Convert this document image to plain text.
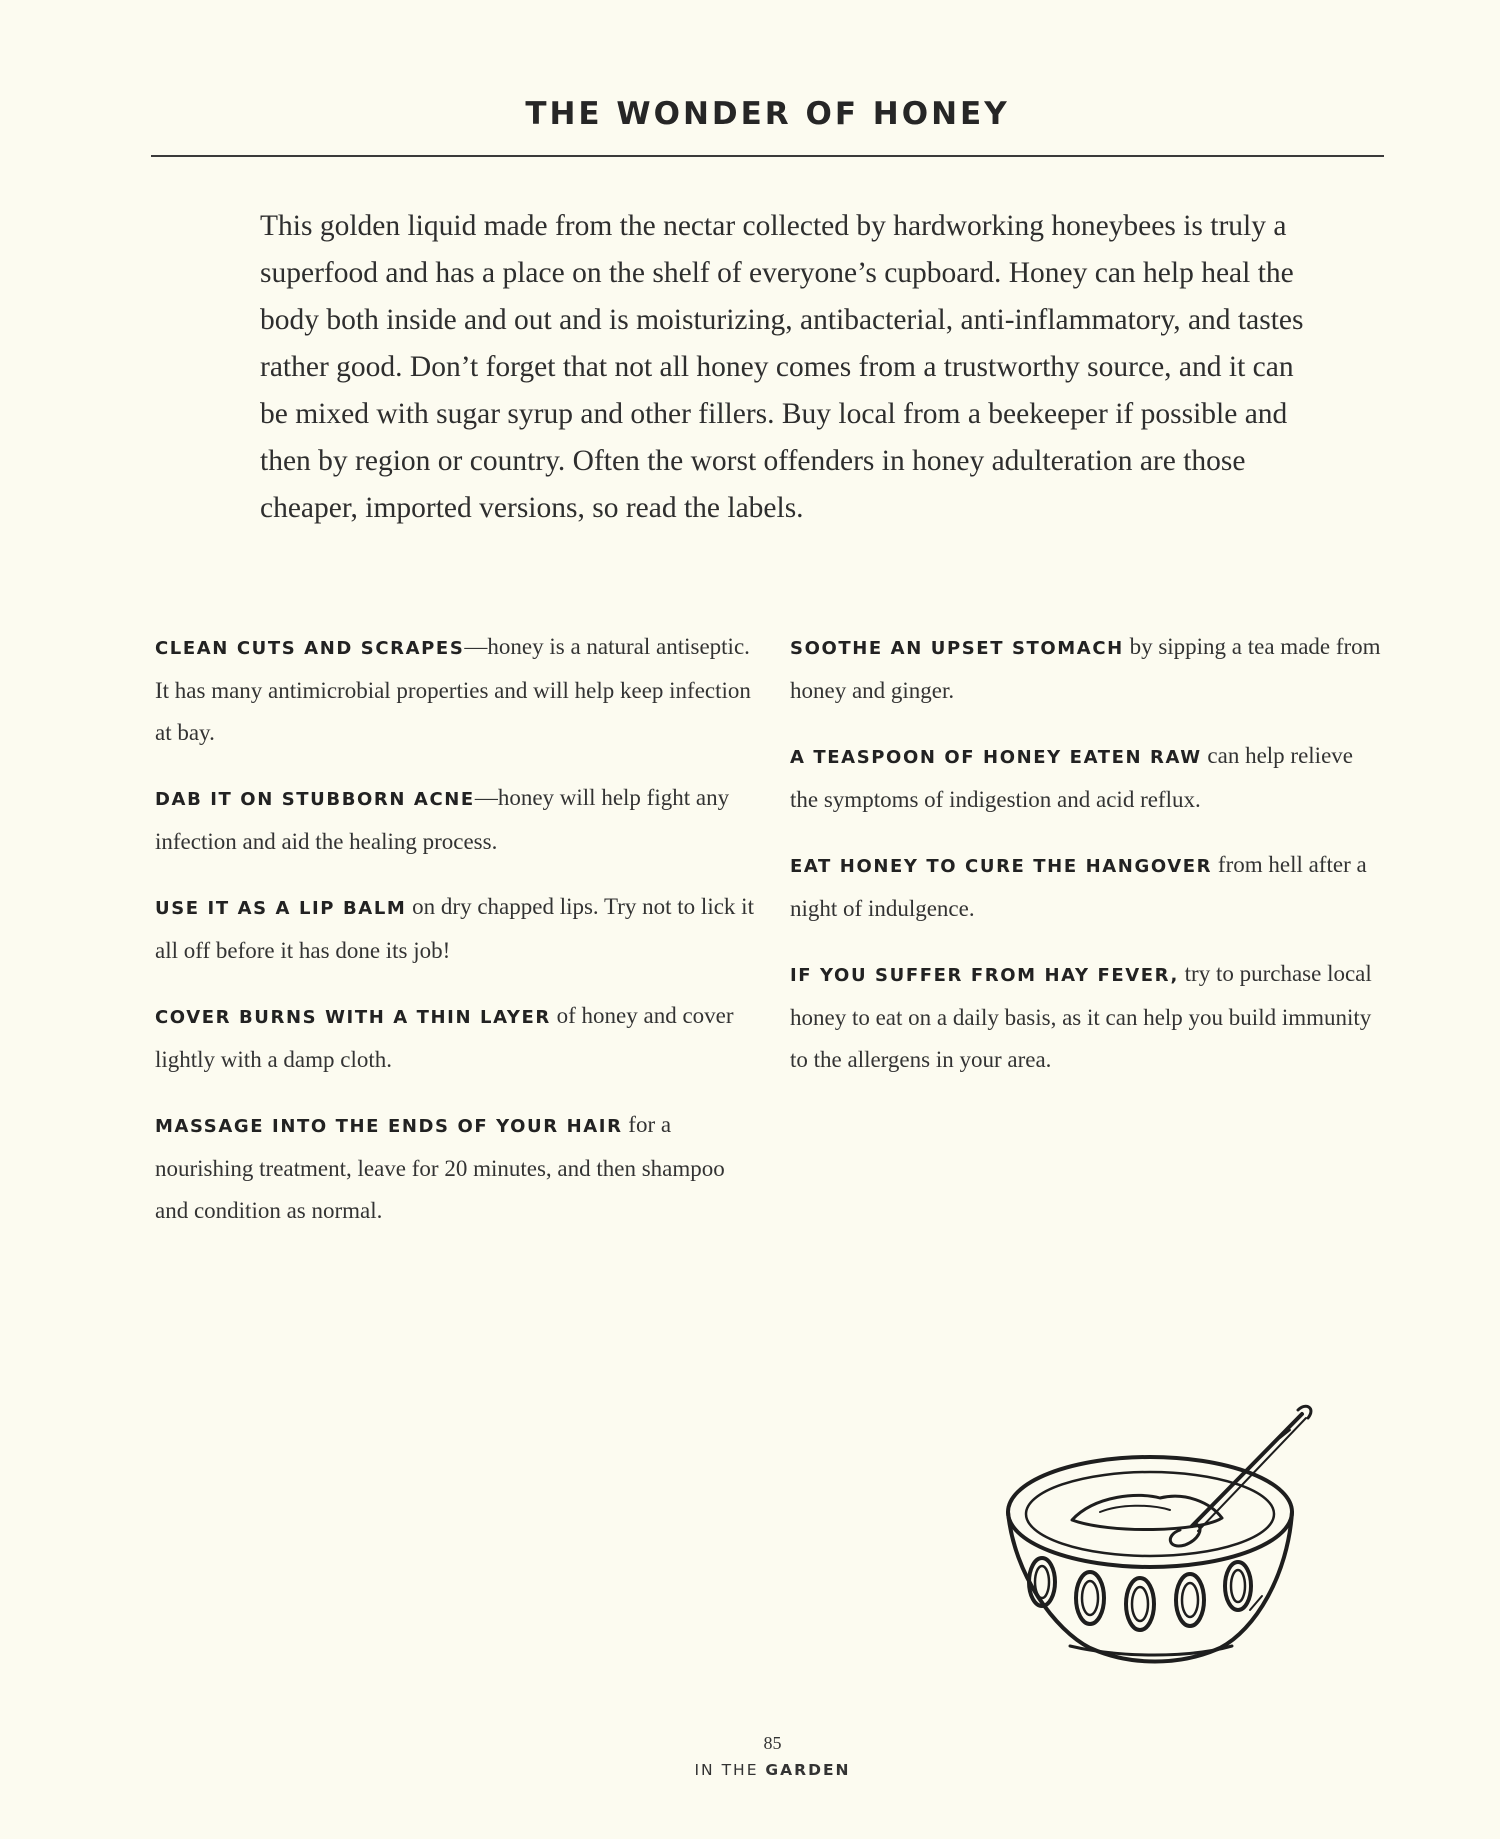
THE WONDER OF HONEY

This golden liquid made from the nectar collected by hardworking honeybees is truly a superfood and has a place on the shelf of everyone’s cupboard. Honey can help heal the body both inside and out and is moisturizing, antibacterial, anti-inflammatory, and tastes rather good. Don’t forget that not all honey comes from a trustworthy source, and it can be mixed with sugar syrup and other fillers. Buy local from a beekeeper if possible and then by region or country. Often the worst offenders in honey adulteration are those cheaper, imported versions, so read the labels.

CLEAN CUTS AND SCRAPES—honey is a natural antiseptic. It has many antimicrobial properties and will help keep infection at bay.
DAB IT ON STUBBORN ACNE—honey will help fight any infection and aid the healing process.
USE IT AS A LIP BALM on dry chapped lips. Try not to lick it all off before it has done its job!
COVER BURNS WITH A THIN LAYER of honey and cover lightly with a damp cloth.
MASSAGE INTO THE ENDS OF YOUR HAIR for a nourishing treatment, leave for 20 minutes, and then shampoo and condition as normal.
SOOTHE AN UPSET STOMACH by sipping a tea made from honey and ginger.
A TEASPOON OF HONEY EATEN RAW can help relieve the symptoms of indigestion and acid reflux.
EAT HONEY TO CURE THE HANGOVER from hell after a night of indulgence.
IF YOU SUFFER FROM HAY FEVER, try to purchase local honey to eat on a daily basis, as it can help you build immunity to the allergens in your area.
85
IN THE GARDEN
